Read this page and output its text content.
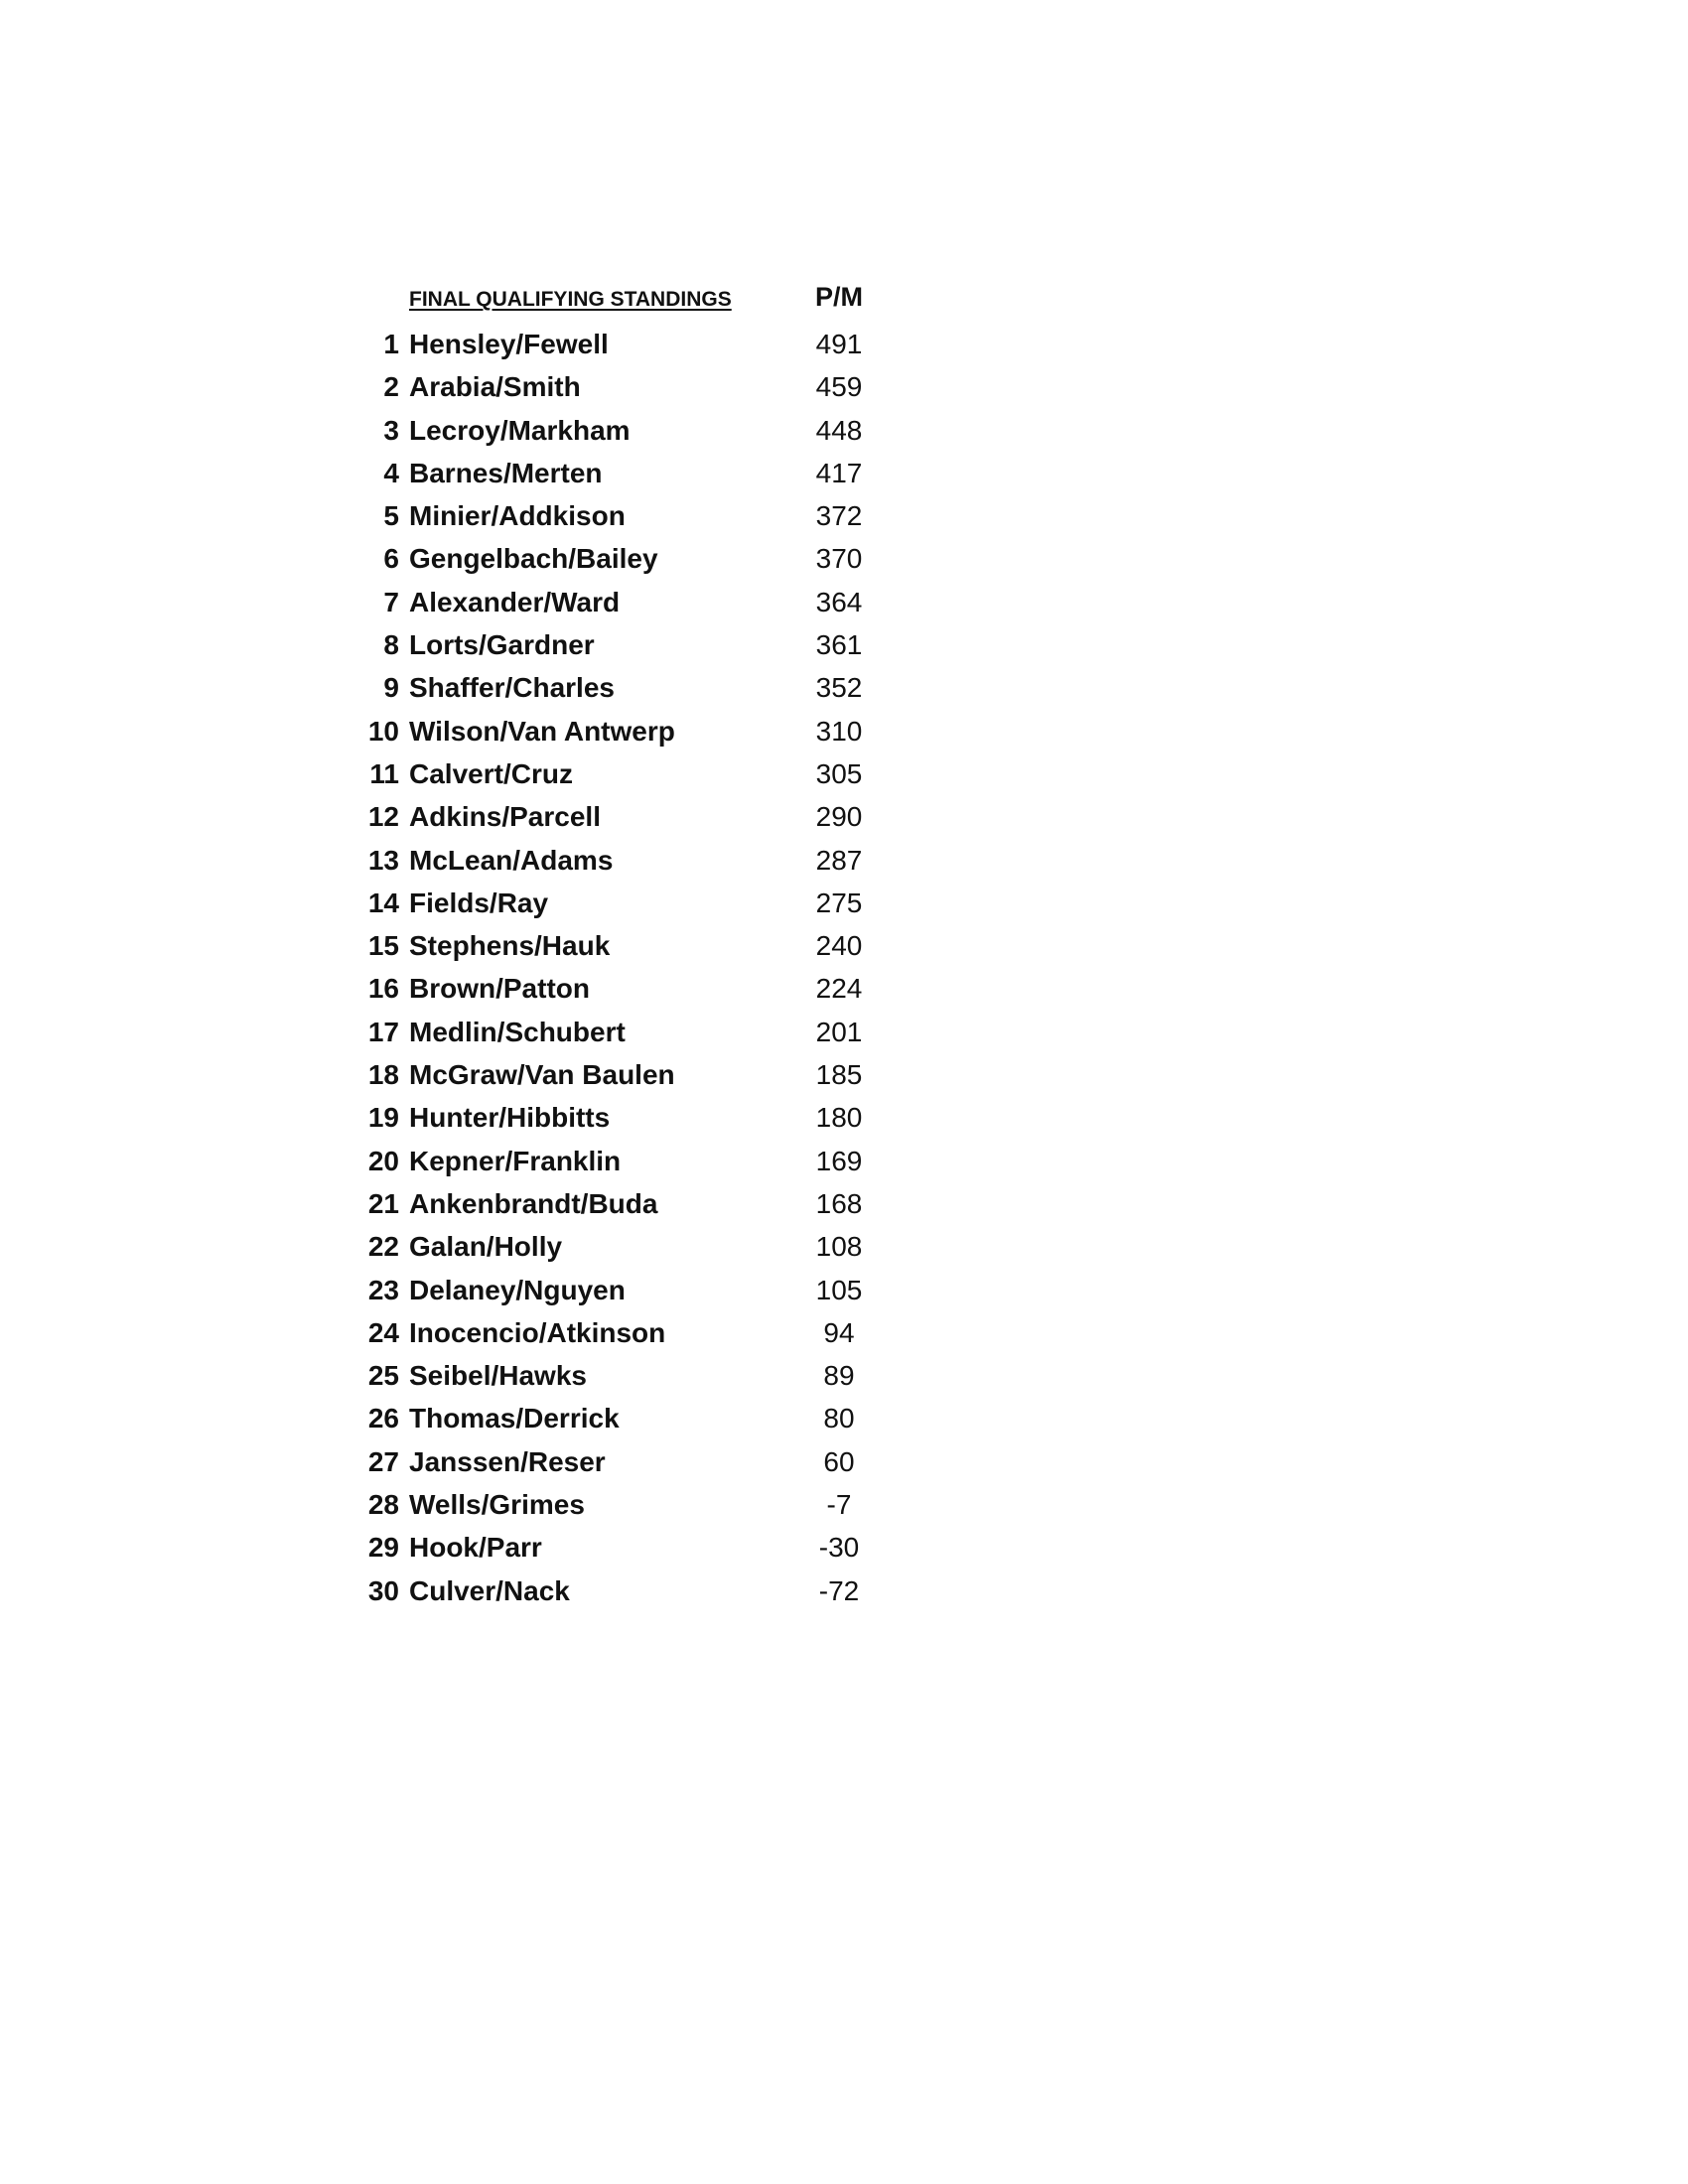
FINAL QUALIFYING STANDINGS	P/M
1 Hensley/Fewell	491
2 Arabia/Smith	459
3 Lecroy/Markham	448
4 Barnes/Merten	417
5 Minier/Addkison	372
6 Gengelbach/Bailey	370
7 Alexander/Ward	364
8 Lorts/Gardner	361
9 Shaffer/Charles	352
10 Wilson/Van Antwerp	310
11 Calvert/Cruz	305
12 Adkins/Parcell	290
13 McLean/Adams	287
14 Fields/Ray	275
15 Stephens/Hauk	240
16 Brown/Patton	224
17 Medlin/Schubert	201
18 McGraw/Van Baulen	185
19 Hunter/Hibbitts	180
20 Kepner/Franklin	169
21 Ankenbrandt/Buda	168
22 Galan/Holly	108
23 Delaney/Nguyen	105
24 Inocencio/Atkinson	94
25 Seibel/Hawks	89
26 Thomas/Derrick	80
27 Janssen/Reser	60
28 Wells/Grimes	-7
29 Hook/Parr	-30
30 Culver/Nack	-72
